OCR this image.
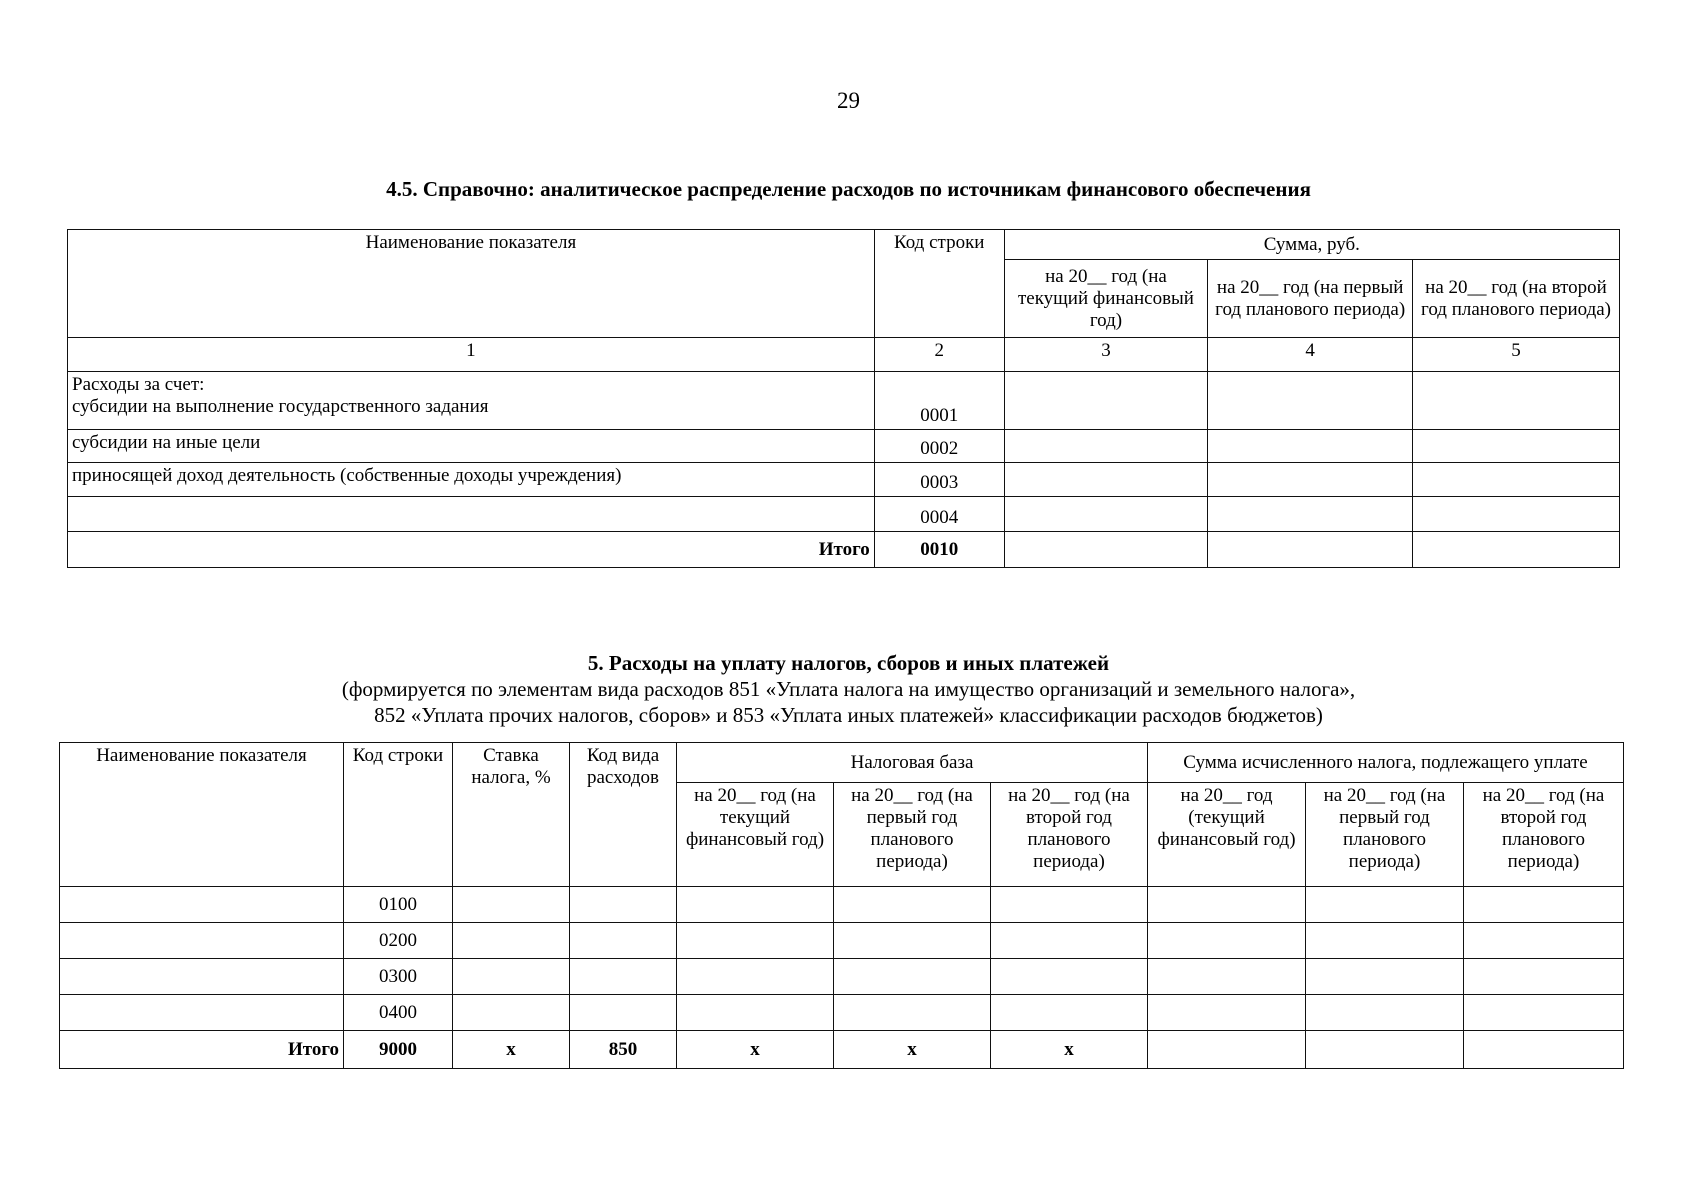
29
4.5. Справочно: аналитическое распределение расходов по источникам финансового обеспечения
Наименование показателя	Код строки	Сумма, руб.		
		на 20__ год (на текущий финансовый год)	на 20__ год (на первый год планового периода)	на 20__ год (на второй год планового периода)
1	2	3	4	5

Расходы за счет:
субсидии на выполнение государственного задания	0001			
субсидии на иные цели	0002			
приносящей доход деятельность (собственные доходы учреждения)	0003			
	0004			
Итого	0010			
5. Расходы на уплату налогов, сборов и иных платежей
(формируется по элементам вида расходов 851 «Уплата налога на имущество организаций и земельного налога»,
852 «Уплата прочих налогов, сборов» и 853 «Уплата иных платежей» классификации расходов бюджетов)
Наименование показателя	Код строки	Ставка налога, %	Код вида расходов	Налоговая база			Сумма исчисленного налога, подлежащего уплате		
				на 20__ год (на текущий финансовый год)	на 20__ год (на первый год планового периода)	на 20__ год (на второй год планового периода)	на 20__ год (текущий финансовый год)	на 20__ год (на первый год планового периода)	на 20__ год (на второй год планового периода)
	0100								
	0200								
	0300								
	0400								
Итого	9000	х	850	х	х	х			
